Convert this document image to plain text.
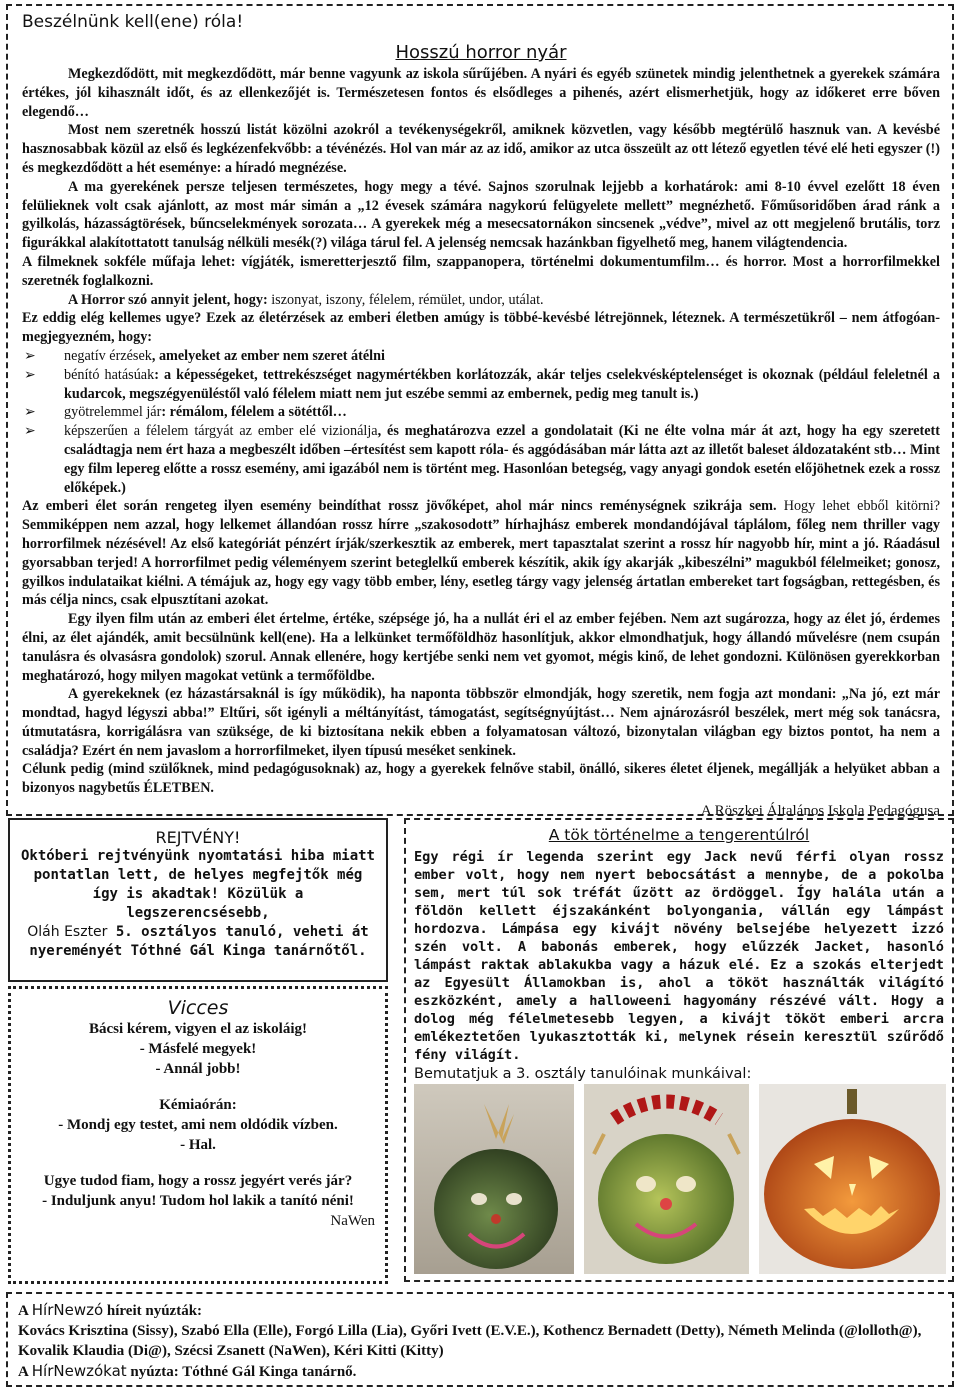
Beszélnünk kell(ene) róla!
Hosszú horror nyár

Megkezdődött, mit megkezdődött, már benne vagyunk az iskola sűrűjében. A nyári és egyéb szünetek mindig jelenthetnek a gyerekek számára értékes, jól kihasznált időt, és az ellenkezőjét is. Természetesen fontos és elsődleges a pihenés, azért elismerhetjük, hogy az időkeret erre bőven elegendő…

Most nem szeretnék hosszú listát közölni azokról a tevékenységekről, amiknek közvetlen, vagy később megtérülő hasznuk van. A kevésbé hasznosabbak közül az első és legkézenfekvőbb: a tévénézés. Hol van már az az idő, amikor az utca összeült az ott létező egyetlen tévé elé heti egyszer (!) és megkezdődött a hét eseménye: a híradó megnézése.

A ma gyerekének persze teljesen természetes, hogy megy a tévé. Sajnos szorulnak lejjebb a korhatárok: ami 8-10 évvel ezelőtt 18 éven felülieknek volt csak ajánlott, az most már simán a „12 évesek számára nagykorú felügyelete mellett” megnézhető. Főműsoridőben árad ránk a gyilkolás, házasságtörések, bűncselekmények sorozata… A gyerekek még a mesecsatornákon sincsenek „védve”, mivel az ott megjelenő brutális, torz figurákkal alakítottatott tanulság nélküli mesék(?) világa tárul fel. A jelenség nemcsak hazánkban figyelhető meg, hanem világtendencia.

A filmeknek sokféle műfaja lehet: vígjáték, ismeretterjesztő film, szappanopera, történelmi dokumentumfilm… és horror. Most a horrorfilmekkel szeretnék foglalkozni.

A Horror szó annyit jelent, hogy: iszonyat, iszony, félelem, rémület, undor, utálat.

Ez eddig elég kellemes ugye? Ezek az életérzések az emberi életben amúgy is többé-kevésbé létrejönnek, léteznek. A természetükről – nem átfogóan- megjegyezném, hogy:

➢ negatív érzések, amelyeket az ember nem szeret átélni
➢ bénító hatásúak: a képességeket, tettrekészséget nagymértékben korlátozzák, akár teljes cselekvésképtelenséget is okoznak (például feleletnél a kudarcok, megszégyenüléstől való félelem miatt nem jut eszébe semmi az embernek, pedig meg tanult is.)
➢ gyötrelemmel jár: rémálom, félelem a sötéttől…
➢ képszerűen a félelem tárgyát az ember elé vizionálja, és meghatározva ezzel a gondolatait (Ki ne élte volna már át azt, hogy ha egy szeretett családtagja nem ért haza a megbeszélt időben –értesítést sem kapott róla- és aggódásában már látta azt az illetőt baleset áldozataként stb… Mint egy film lepereg előtte a rossz esemény, ami igazából nem is történt meg. Hasonlóan betegség, vagy anyagi gondok esetén előjöhetnek ezek a rossz előképek.)

Az emberi élet során rengeteg ilyen esemény beindíthat rossz jövőképet, ahol már nincs reménységnek szikrája sem. Hogy lehet ebből kitörni? Semmiképpen nem azzal, hogy lelkemet állandóan rossz hírre „szakosodott” hírhajhász emberek mondandójával táplálom, főleg nem thriller vagy horrorfilmek nézésével! Az első kategóriát pénzért írják/szerkesztik az emberek, mert tapasztalat szerint a rossz hír nagyobb hír, mint a jó. Ráadásul gyorsabban terjed! A horrorfilmet pedig véleményem szerint beteglelkű emberek készítik, akik így akarják „kibeszélni” magukból félelmeiket; gonosz, gyilkos indulataikat kiélni. A témájuk az, hogy egy vagy több ember, lény, esetleg tárgy vagy jelenség ártatlan embereket tart fogságban, rettegésben, és más célja nincs, csak elpusztítani azokat.

Egy ilyen film után az emberi élet értelme, értéke, szépsége jó, ha a nullát éri el az ember fejében. Nem azt sugározza, hogy az élet jó, érdemes élni, az élet ajándék, amit becsülnünk kell(ene). Ha a lelkünket termőföldhöz hasonlítjuk, akkor elmondhatjuk, hogy állandó művelésre (nem csupán tanulásra és olvasásra gondolok) szorul. Annak ellenére, hogy kertjébe senki nem vet gyomot, mégis kinő, de lehet gondozni. Különösen gyerekkorban meghatározó, hogy milyen magokat vetünk a termőföldbe.

A gyerekeknek (ez házastársaknál is így működik), ha naponta többször elmondják, hogy szeretik, nem fogja azt mondani: „Na jó, ezt már mondtad, hagyd légyszi abba!” Eltűri, sőt igényli a méltányítást, támogatást, segítségnyújtást… Nem ajnározásról beszélek, mert még sok tanácsra, útmutatásra, korrigálásra van szüksége, de ki biztosítana nekik ebben a folyamatosan változó, bizonytalan világban egy biztos pontot, ha nem a családja? Ezért én nem javaslom a horrorfilmeket, ilyen típusú meséket senkinek.

Célunk pedig (mind szülőknek, mind pedagógusoknak) az, hogy a gyerekek felnőve stabil, önálló, sikeres életet éljenek, megállják a helyüket abban a bizonyos nagybetűs ÉLETBEN.

A Röszkei Általános Iskola Pedagógusa
REJTVÉNY!
Októberi rejtvényünk nyomtatási hiba miatt pontatlan lett, de helyes megfejtők még így is akadtak! Közülük a legszerencsésebb,
Oláh Eszter 5. osztályos tanuló, veheti át nyereményét Tóthné Gál Kinga tanárnőtől.
Vicces

Bácsi kérem, vigyen el az iskoláig!

- Másfelé megyek!

- Annál jobb!

Kémiaórán:

- Mondj egy testet, ami nem oldódik vízben.

- Hal.

Ugye tudod fiam, hogy a rossz jegyért verés jár?

- Induljunk anyu! Tudom hol lakik a tanító néni!

NaWen
A tök történelme a tengerentúlról
Egy régi ír legenda szerint egy Jack nevű férfi olyan rossz ember volt, hogy nem nyert bebocsátást a mennybe, de a pokolba sem, mert túl sok tréfát űzött az ördöggel. Így halála után a földön kellett éjszakánként bolyongania, vállán egy lámpást hordozva. Lámpása egy kivájt növény belsejébe helyezett izzó szén volt. A babonás emberek, hogy elűzzék Jacket, hasonló lámpást raktak ablakukba vagy a házuk elé. Ez a szokás elterjedt az Egyesült Államokban is, ahol a tököt használták világító eszközként, amely a halloweeni hagyomány részévé vált. Hogy a dolog még félelmetesebb legyen, a kivájt tököt emberi arcra emlékeztetően lyukasztották ki, melynek résein keresztül szűrődő fény világít.
Bemutatjuk a 3. osztály tanulóinak munkáival:
A HírNewzó híreit nyúzták:
Kovács Krisztina (Sissy), Szabó Ella (Elle), Forgó Lilla (Lia), Győri Ivett (E.V.E.), Kothencz Bernadett (Detty), Németh Melinda (@lolloth@), Kovalik Klaudia (Di@), Szécsi Zsanett (NaWen), Kéri Kitti (Kitty)
A HírNewzókat nyúzta: Tóthné Gál Kinga tanárnő.
